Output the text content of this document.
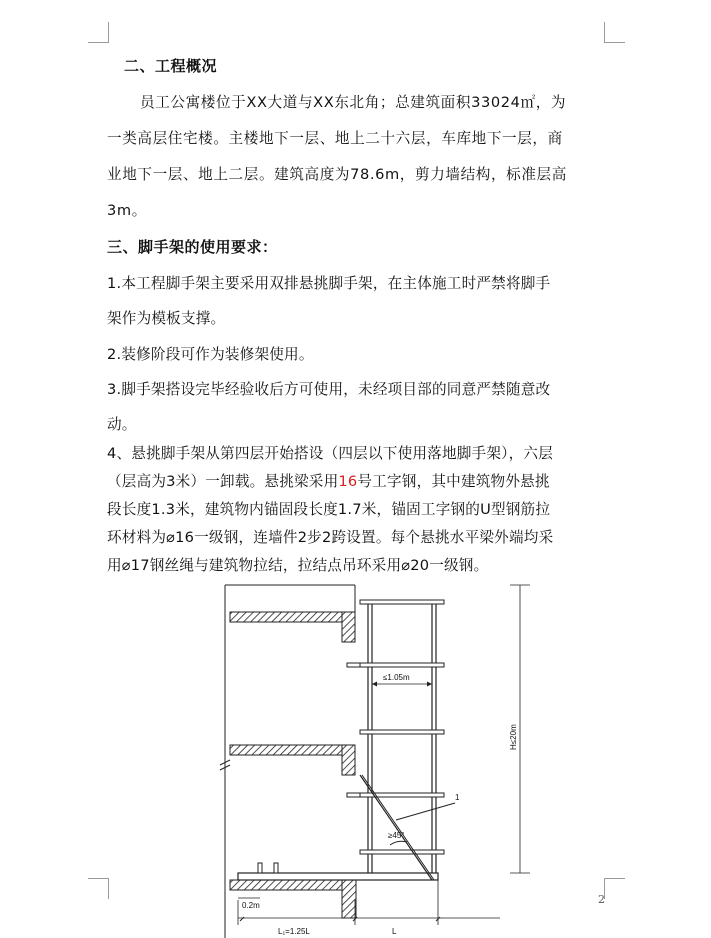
二、工程概况
员工公寓楼位于XX大道与XX东北角；总建筑面积33024㎡，为
一类高层住宅楼。主楼地下一层、地上二十六层，车库地下一层，商
业地下一层、地上二层。建筑高度为78.6m，剪力墙结构，标准层高
3m。
三、脚手架的使用要求：
1.本工程脚手架主要采用双排悬挑脚手架，在主体施工时严禁将脚手
架作为模板支撑。
2.装修阶段可作为装修架使用。
3.脚手架搭设完毕经验收后方可使用，未经项目部的同意严禁随意改
动。
4、悬挑脚手架从第四层开始搭设（四层以下使用落地脚手架），六层
（层高为3米）一卸载。悬挑梁采用16号工字钢，其中建筑物外悬挑
段长度1.3米，建筑物内锚固段长度1.7米，锚固工字钢的U型钢筋拉
环材料为⌀16一级钢，连墙件2步2跨设置。每个悬挑水平梁外端均采
用⌀17钢丝绳与建筑物拉结，拉结点吊环采用⌀20一级钢。
≤1.05m
H≤20m
1
≥45°
0.2m
L₁=1.25L	L
2
